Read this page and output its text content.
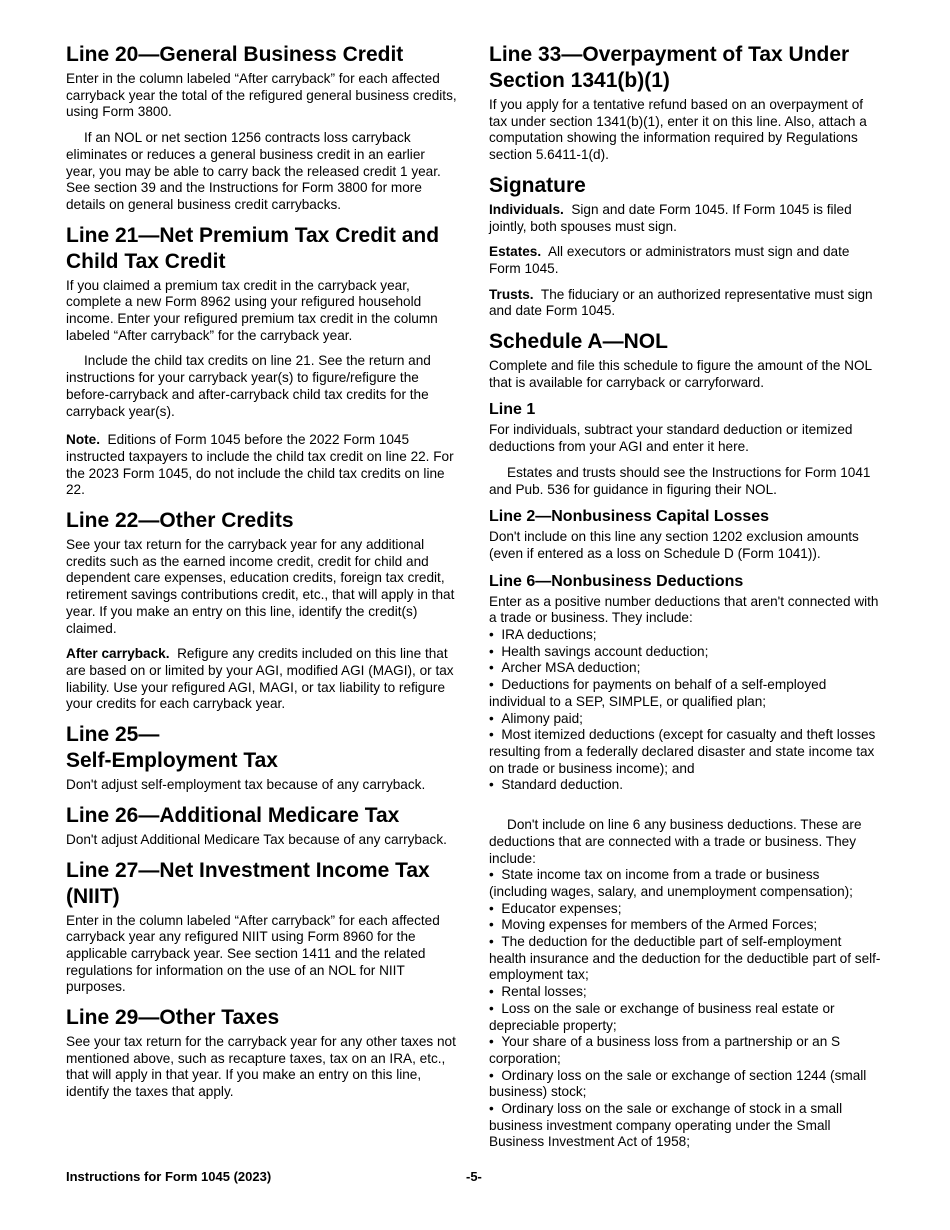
Line 20—General Business Credit

Enter in the column labeled “After carryback” for each affected carryback year the total of the refigured general business credits, using Form 3800.

If an NOL or net section 1256 contracts loss carryback eliminates or reduces a general business credit in an earlier year, you may be able to carry back the released credit 1 year. See section 39 and the Instructions for Form 3800 for more details on general business credit carrybacks.

Line 21—Net Premium Tax Credit and Child Tax Credit

If you claimed a premium tax credit in the carryback year, complete a new Form 8962 using your refigured household income. Enter your refigured premium tax credit in the column labeled “After carryback” for the carryback year.

Include the child tax credits on line 21. See the return and instructions for your carryback year(s) to figure/refigure the before-carryback and after-carryback child tax credits for the carryback year(s).

Note. Editions of Form 1045 before the 2022 Form 1045 instructed taxpayers to include the child tax credit on line 22. For the 2023 Form 1045, do not include the child tax credits on line 22.

Line 22—Other Credits

See your tax return for the carryback year for any additional credits such as the earned income credit, credit for child and dependent care expenses, education credits, foreign tax credit, retirement savings contributions credit, etc., that will apply in that year. If you make an entry on this line, identify the credit(s) claimed.

After carryback. Refigure any credits included on this line that are based on or limited by your AGI, modified AGI (MAGI), or tax liability. Use your refigured AGI, MAGI, or tax liability to refigure your credits for each carryback year.

Line 25—
Self-Employment Tax

Don't adjust self-employment tax because of any carryback.

Line 26—Additional Medicare Tax

Don't adjust Additional Medicare Tax because of any carryback.

Line 27—Net Investment Income Tax (NIIT)

Enter in the column labeled “After carryback” for each affected carryback year any refigured NIIT using Form 8960 for the applicable carryback year. See section 1411 and the related regulations for information on the use of an NOL for NIIT purposes.

Line 29—Other Taxes

See your tax return for the carryback year for any other taxes not mentioned above, such as recapture taxes, tax on an IRA, etc., that will apply in that year. If you make an entry on this line, identify the taxes that apply.

Line 33—Overpayment of Tax Under Section 1341(b)(1)

If you apply for a tentative refund based on an overpayment of tax under section 1341(b)(1), enter it on this line. Also, attach a computation showing the information required by Regulations section 5.6411-1(d).

Signature

Individuals. Sign and date Form 1045. If Form 1045 is filed jointly, both spouses must sign.

Estates. All executors or administrators must sign and date Form 1045.

Trusts. The fiduciary or an authorized representative must sign and date Form 1045.

Schedule A—NOL

Complete and file this schedule to figure the amount of the NOL that is available for carryback or carryforward.

Line 1

For individuals, subtract your standard deduction or itemized deductions from your AGI and enter it here.

Estates and trusts should see the Instructions for Form 1041 and Pub. 536 for guidance in figuring their NOL.

Line 2—Nonbusiness Capital Losses

Don't include on this line any section 1202 exclusion amounts (even if entered as a loss on Schedule D (Form 1041)).

Line 6—Nonbusiness Deductions

Enter as a positive number deductions that aren't connected with a trade or business. They include:

•  IRA deductions;
•  Health savings account deduction;
•  Archer MSA deduction;
•  Deductions for payments on behalf of a self-employed individual to a SEP, SIMPLE, or qualified plan;
•  Alimony paid;
•  Most itemized deductions (except for casualty and theft losses resulting from a federally declared disaster and state income tax on trade or business income); and
•  Standard deduction.

Don't include on line 6 any business deductions. These are deductions that are connected with a trade or business. They include:

•  State income tax on income from a trade or business (including wages, salary, and unemployment compensation);
•  Educator expenses;
•  Moving expenses for members of the Armed Forces;
•  The deduction for the deductible part of self-employment health insurance and the deduction for the deductible part of self-employment tax;
•  Rental losses;
•  Loss on the sale or exchange of business real estate or depreciable property;
•  Your share of a business loss from a partnership or an S corporation;
•  Ordinary loss on the sale or exchange of section 1244 (small business) stock;
•  Ordinary loss on the sale or exchange of stock in a small business investment company operating under the Small Business Investment Act of 1958;
Instructions for Form 1045 (2023)	-5-
